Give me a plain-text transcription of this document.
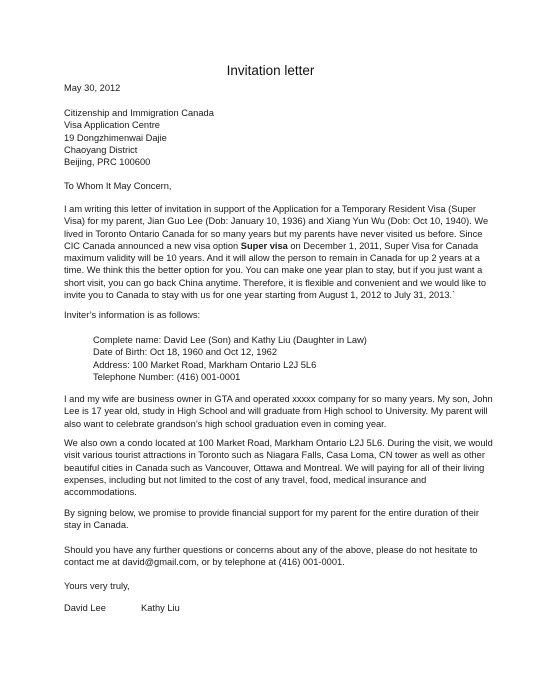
Invitation letter
May 30, 2012
Citizenship and Immigration Canada
Visa Application Centre
19 Dongzhimenwai Dajie
Chaoyang District
Beijing, PRC 100600
To Whom It May Concern,
I am writing this letter of invitation in support of the Application for a Temporary Resident Visa (Super
Visa) for my parent, Jian Guo Lee (Dob: January 10, 1936) and Xiang Yun Wu (Dob: Oct 10, 1940). We
lived in Toronto Ontario Canada for so many years but my parents have never visited us before. Since
CIC Canada announced a new visa option Super visa on December 1, 2011, Super Visa for Canada
maximum validity will be 10 years. And it will allow the person to remain in Canada for up 2 years at a
time. We think this the better option for you. You can make one year plan to stay, but if you just want a
short visit, you can go back China anytime. Therefore, it is flexible and convenient and we would like to
invite you to Canada to stay with us for one year starting from August 1, 2012 to July 31, 2013.`
Inviter’s information is as follows:
Complete name: David Lee (Son) and Kathy Liu (Daughter in Law)
Date of Birth: Oct 18, 1960 and Oct 12, 1962
Address: 100 Market Road, Markham Ontario L2J 5L6
Telephone Number: (416) 001-0001
I and my wife are business owner in GTA and operated xxxxx company for so many years. My son, John
Lee is 17 year old, study in High School and will graduate from High school to University. My parent will
also want to celebrate grandson’s high school graduation even in coming year.
We also own a condo located at 100 Market Road, Markham Ontario L2J 5L6. During the visit, we would
visit various tourist attractions in Toronto such as Niagara Falls, Casa Loma, CN tower as well as other
beautiful cities in Canada such as Vancouver, Ottawa and Montreal. We will paying for all of their living
expenses, including but not limited to the cost of any travel, food, medical insurance and
accommodations.
By signing below, we promise to provide financial support for my parent for the entire duration of their
stay in Canada.
Should you have any further questions or concerns about any of the above, please do not hesitate to
contact me at david@gmail.com, or by telephone at (416) 001-0001.
Yours very truly,
David Lee	Kathy Liu
